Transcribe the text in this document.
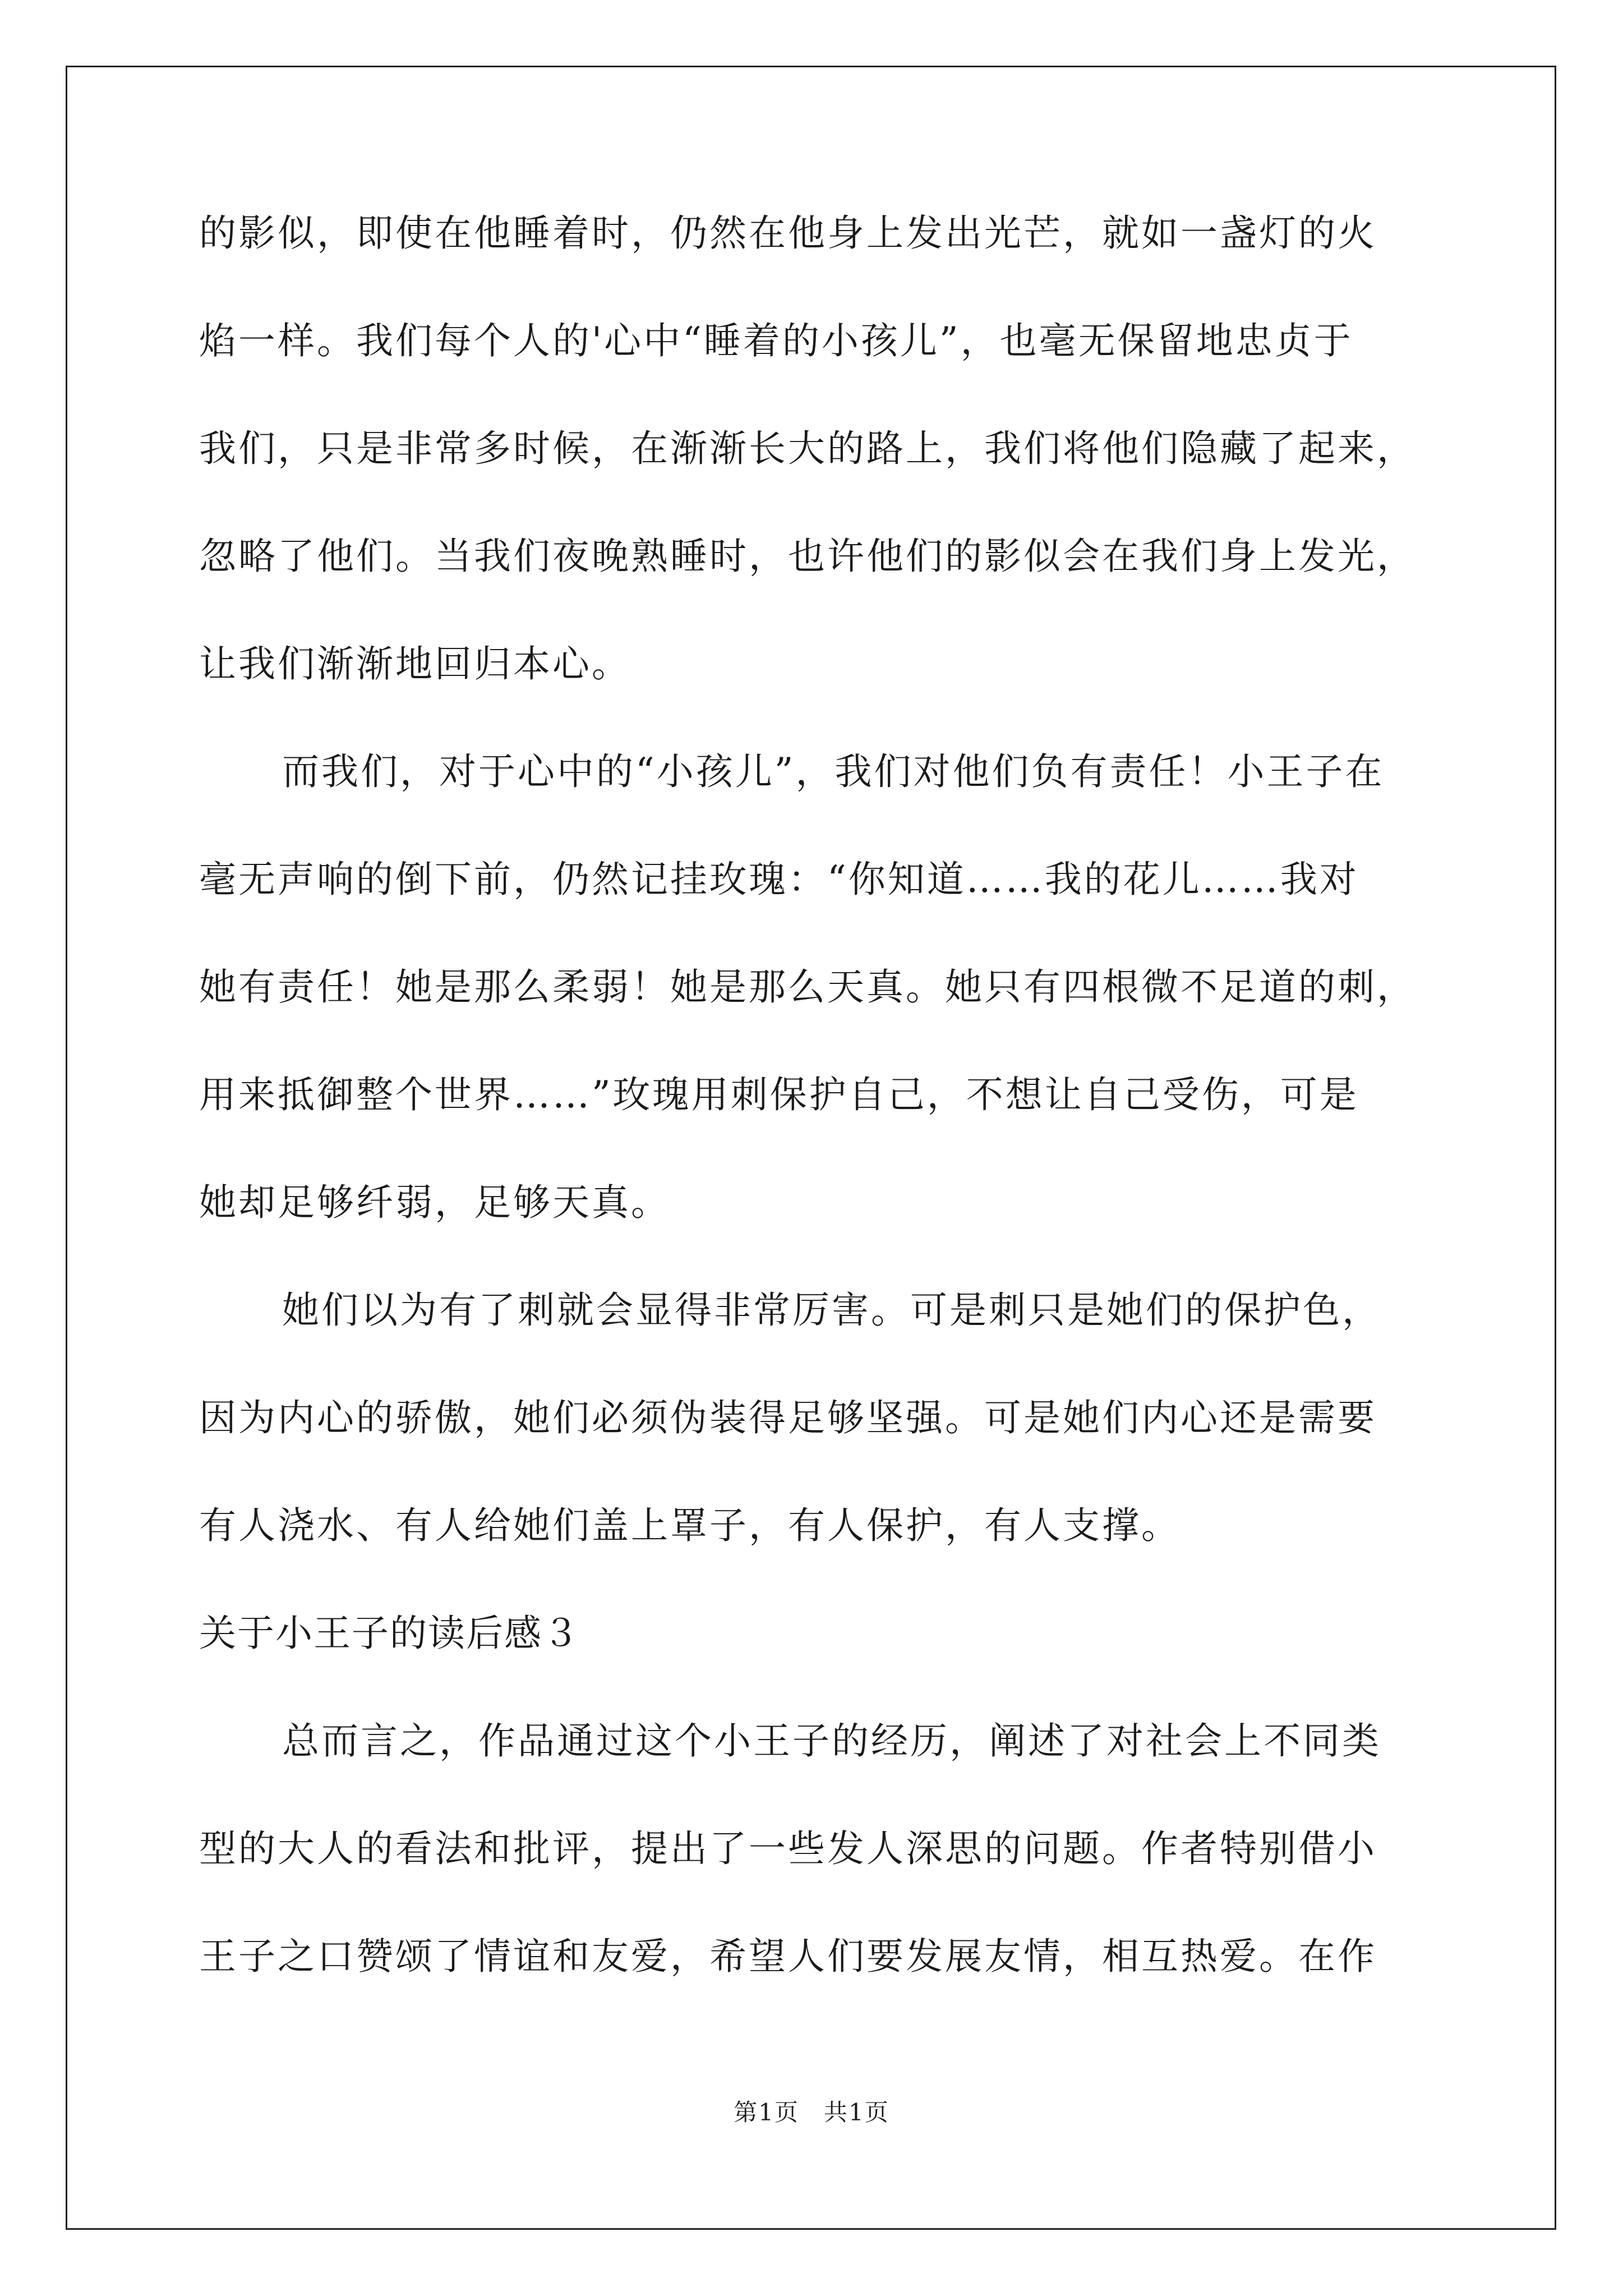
的影似，即使在他睡着时，仍然在他身上发出光芒，就如一盏灯的火
焰一样。我们每个人的'心中“睡着的小孩儿”，也毫无保留地忠贞于
我们，只是非常多时候，在渐渐长大的路上，我们将他们隐藏了起来，
忽略了他们。当我们夜晚熟睡时，也许他们的影似会在我们身上发光，
让我们渐渐地回归本心。
而我们，对于心中的“小孩儿”，我们对他们负有责任！小王子在
毫无声响的倒下前，仍然记挂玫瑰：“你知道……我的花儿……我对
她有责任！她是那么柔弱！她是那么天真。她只有四根微不足道的刺，
用来抵御整个世界……”玫瑰用刺保护自己，不想让自己受伤，可是
她却足够纤弱，足够天真。
她们以为有了刺就会显得非常厉害。可是刺只是她们的保护色，
因为内心的骄傲，她们必须伪装得足够坚强。可是她们内心还是需要
有人浇水、有人给她们盖上罩子，有人保护，有人支撑。
关于小王子的读后感３
总而言之，作品通过这个小王子的经历，阐述了对社会上不同类
型的大人的看法和批评，提出了一些发人深思的问题。作者特别借小
王子之口赞颂了情谊和友爱，希望人们要发展友情，相互热爱。在作
第1页　共1页
